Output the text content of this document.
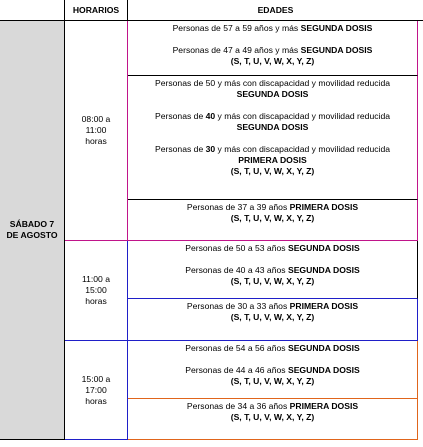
HORARIOS	EDADES
SÁBADO 7
DE AGOSTO
08:00 a
11:00
horas
11:00 a
15:00
horas
15:00 a
17:00
horas
Personas de 57 a 59 años y más SEGUNDA DOSIS
Personas de 47 a 49 años y más SEGUNDA DOSIS
(S, T, U, V, W, X, Y, Z)
Personas de 50 y más con discapacidad y movilidad reducida
SEGUNDA DOSIS
Personas de 40 y más con discapacidad y movilidad reducida
SEGUNDA DOSIS
Personas de 30 y más con discapacidad y movilidad reducida
PRIMERA DOSIS
(S, T, U, V, W, X, Y, Z)
Personas de 37 a 39 años PRIMERA DOSIS
(S, T, U, V, W, X, Y, Z)
Personas de 50 a 53 años SEGUNDA DOSIS
Personas de 40 a 43 años SEGUNDA DOSIS
(S, T, U, V, W, X, Y, Z)
Personas de 30 a 33 años PRIMERA DOSIS
(S, T, U, V, W, X, Y, Z)
Personas de 54 a 56 años SEGUNDA DOSIS
Personas de 44 a 46 años SEGUNDA DOSIS
(S, T, U, V, W, X, Y, Z)
Personas de 34 a 36 años PRIMERA DOSIS
(S, T, U, V, W, X, Y, Z)
